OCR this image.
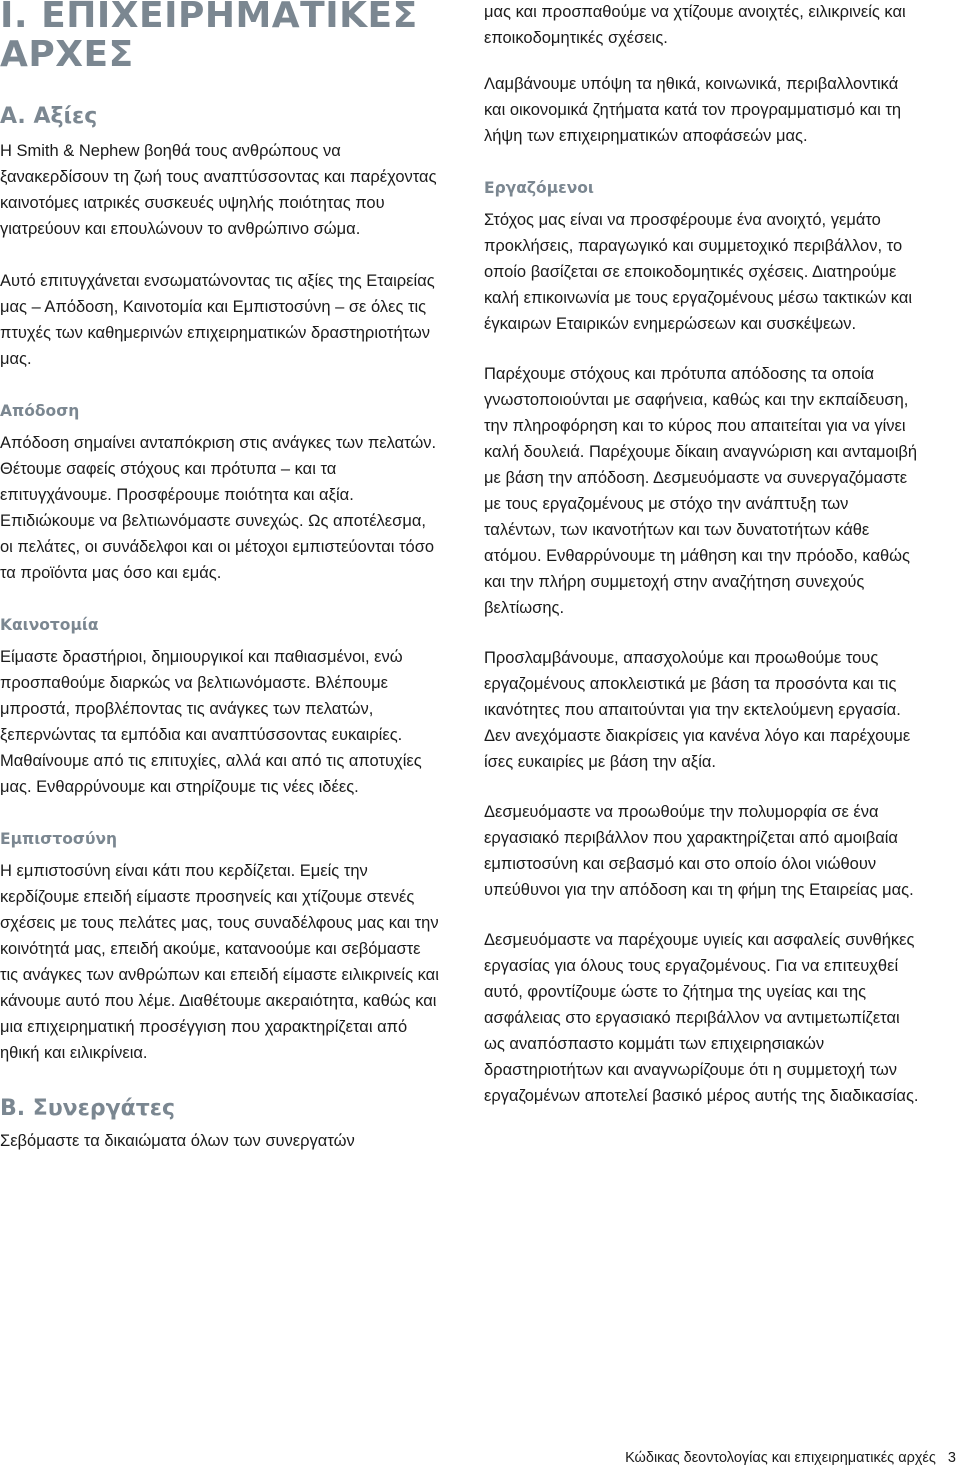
I. ΕΠΙΧΕΙΡΗΜΑΤΙΚΕΣ
ΑΡΧΕΣ
A. Αξίες

Η Smith & Nephew βοηθά τους ανθρώπους να ξανακερδίσουν τη ζωή τους αναπτύσσοντας και παρέχοντας καινοτόμες ιατρικές συσκευές υψηλής ποιότητας που γιατρεύουν και επουλώνουν το ανθρώπινο σώμα.

Αυτό επιτυγχάνεται ενσωματώνοντας τις αξίες της Εταιρείας μας – Απόδοση, Καινοτομία και Εμπιστοσύνη – σε όλες τις πτυχές των καθημερινών επιχειρηματικών δραστηριοτήτων μας.

Απόδοση

Απόδοση σημαίνει ανταπόκριση στις ανάγκες των πελατών. Θέτουμε σαφείς στόχους και πρότυπα – και τα επιτυγχάνουμε. Προσφέρουμε ποιότητα και αξία. Επιδιώκουμε να βελτιωνόμαστε συνεχώς. Ως αποτέλεσμα, οι πελάτες, οι συνάδελφοι και οι μέτοχοι εμπιστεύονται τόσο τα προϊόντα μας όσο και εμάς.

Καινοτομία

Είμαστε δραστήριοι, δημιουργικοί και παθιασμένοι, ενώ προσπαθούμε διαρκώς να βελτιωνόμαστε. Βλέπουμε μπροστά, προβλέποντας τις ανάγκες των πελατών, ξεπερνώντας τα εμπόδια και αναπτύσσοντας ευκαιρίες. Μαθαίνουμε από τις επιτυχίες, αλλά και από τις αποτυχίες μας. Ενθαρρύνουμε και στηρίζουμε τις νέες ιδέες.

Εμπιστοσύνη

Η εμπιστοσύνη είναι κάτι που κερδίζεται. Εμείς την κερδίζουμε επειδή είμαστε προσηνείς και χτίζουμε στενές σχέσεις με τους πελάτες μας, τους συναδέλφους μας και την κοινότητά μας, επειδή ακούμε, κατανοούμε και σεβόμαστε τις ανάγκες των ανθρώπων και επειδή είμαστε ειλικρινείς και κάνουμε αυτό που λέμε. Διαθέτουμε ακεραιότητα, καθώς και μια επιχειρηματική προσέγγιση που χαρακτηρίζεται από ηθική και ειλικρίνεια.

B. Συνεργάτες

Σεβόμαστε τα δικαιώματα όλων των συνεργατών

μας και προσπαθούμε να χτίζουμε ανοιχτές, ειλικρινείς και εποικοδομητικές σχέσεις.

Λαμβάνουμε υπόψη τα ηθικά, κοινωνικά, περιβαλλοντικά και οικονομικά ζητήματα κατά τον προγραμματισμό και τη λήψη των επιχειρηματικών αποφάσεών μας.

Εργαζόμενοι

Στόχος μας είναι να προσφέρουμε ένα ανοιχτό, γεμάτο προκλήσεις, παραγωγικό και συμμετοχικό περιβάλλον, το οποίο βασίζεται σε εποικοδομητικές σχέσεις. Διατηρούμε καλή επικοινωνία με τους εργαζομένους μέσω τακτικών και έγκαιρων Εταιρικών ενημερώσεων και συσκέψεων.

Παρέχουμε στόχους και πρότυπα απόδοσης τα οποία γνωστοποιούνται με σαφήνεια, καθώς και την εκπαίδευση, την πληροφόρηση και το κύρος που απαιτείται για να γίνει καλή δουλειά. Παρέχουμε δίκαιη αναγνώριση και ανταμοιβή με βάση την απόδοση. Δεσμευόμαστε να συνεργαζόμαστε με τους εργαζομένους με στόχο την ανάπτυξη των ταλέντων, των ικανοτήτων και των δυνατοτήτων κάθε ατόμου. Ενθαρρύνουμε τη μάθηση και την πρόοδο, καθώς και την πλήρη συμμετοχή στην αναζήτηση συνεχούς βελτίωσης.

Προσλαμβάνουμε, απασχολούμε και προωθούμε τους εργαζομένους αποκλειστικά με βάση τα προσόντα και τις ικανότητες που απαιτούνται για την εκτελούμενη εργασία. Δεν ανεχόμαστε διακρίσεις για κανένα λόγο και παρέχουμε ίσες ευκαιρίες με βάση την αξία.

Δεσμευόμαστε να προωθούμε την πολυμορφία σε ένα εργασιακό περιβάλλον που χαρακτηρίζεται από αμοιβαία εμπιστοσύνη και σεβασμό και στο οποίο όλοι νιώθουν υπεύθυνοι για την απόδοση και τη φήμη της Εταιρείας μας.

Δεσμευόμαστε να παρέχουμε υγιείς και ασφαλείς συνθήκες εργασίας για όλους τους εργαζομένους. Για να επιτευχθεί αυτό, φροντίζουμε ώστε το ζήτημα της υγείας και της ασφάλειας στο εργασιακό περιβάλλον να αντιμετωπίζεται ως αναπόσπαστο κομμάτι των επιχειρησιακών δραστηριοτήτων και αναγνωρίζουμε ότι η συμμετοχή των εργαζομένων αποτελεί βασικό μέρος αυτής της διαδικασίας.

Κώδικας δεοντολογίας και επιχειρηματικές αρχές 3
